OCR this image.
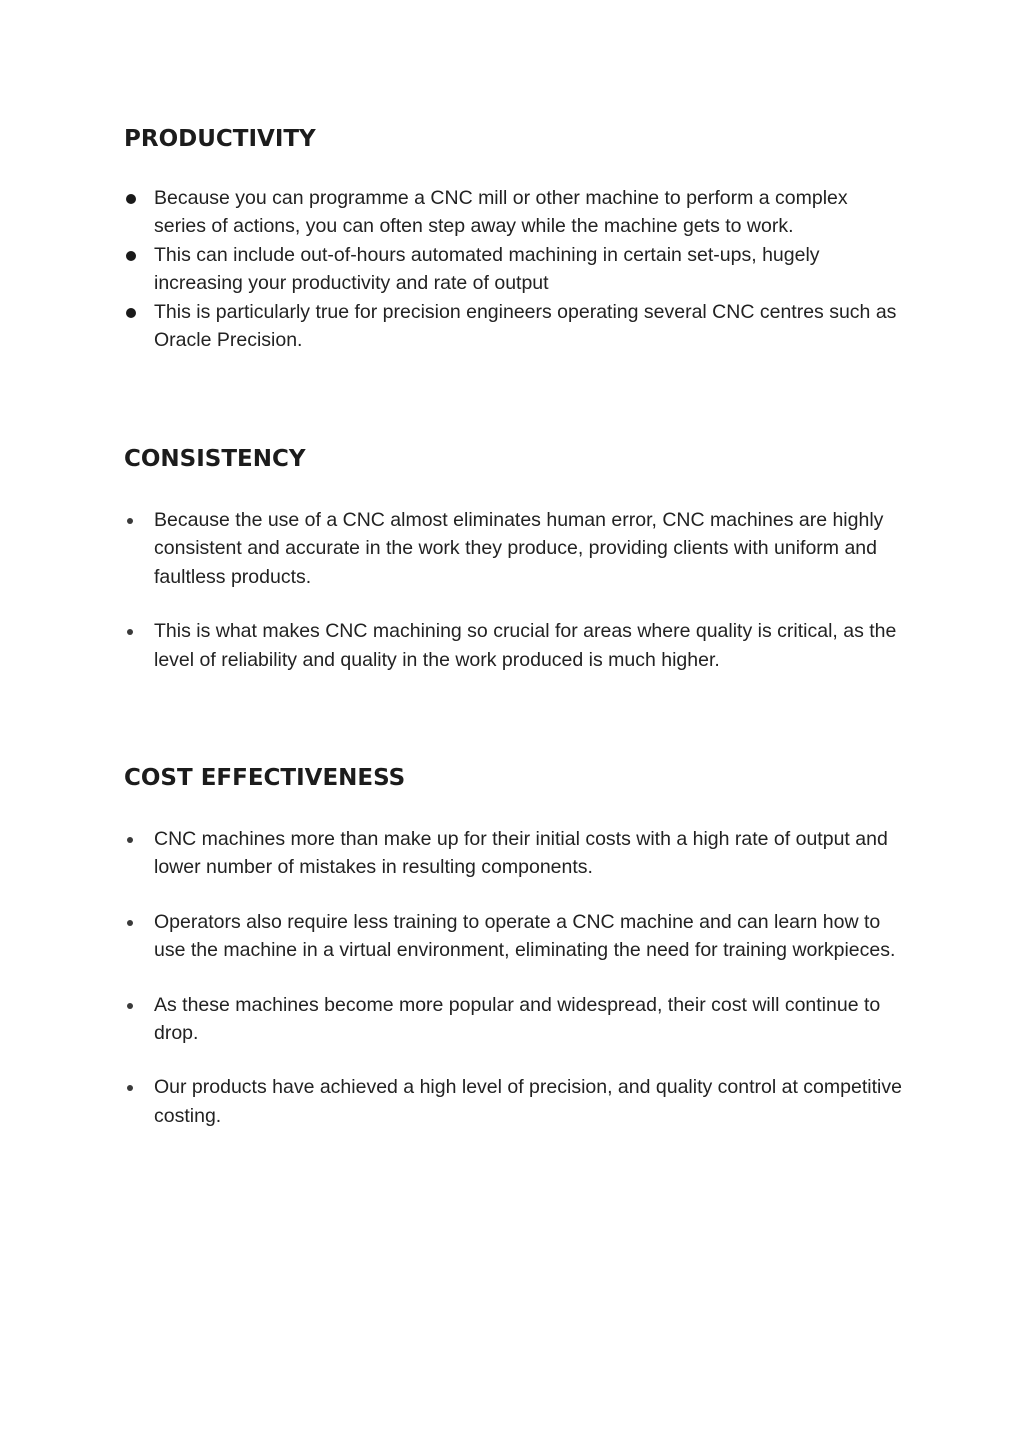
PRODUCTIVITY
Because you can programme a CNC mill or other machine to perform a complex series of actions, you can often step away while the machine gets to work.
This can include out-of-hours automated machining in certain set-ups, hugely increasing your productivity and rate of output
This is particularly true for precision engineers operating several CNC centres such as Oracle Precision.
CONSISTENCY
Because the use of a CNC almost eliminates human error, CNC machines are highly consistent and accurate in the work they produce, providing clients with uniform and faultless products.
This is what makes CNC machining so crucial for areas where quality is critical, as the level of reliability and quality in the work produced is much higher.
COST EFFECTIVENESS
CNC machines more than make up for their initial costs with a high rate of output and lower number of mistakes in resulting components.
Operators also require less training to operate a CNC machine and can learn how to use the machine in a virtual environment, eliminating the need for training workpieces.
As these machines become more popular and widespread, their cost will continue to drop.
Our products have achieved a high level of precision, and quality control at competitive costing.
